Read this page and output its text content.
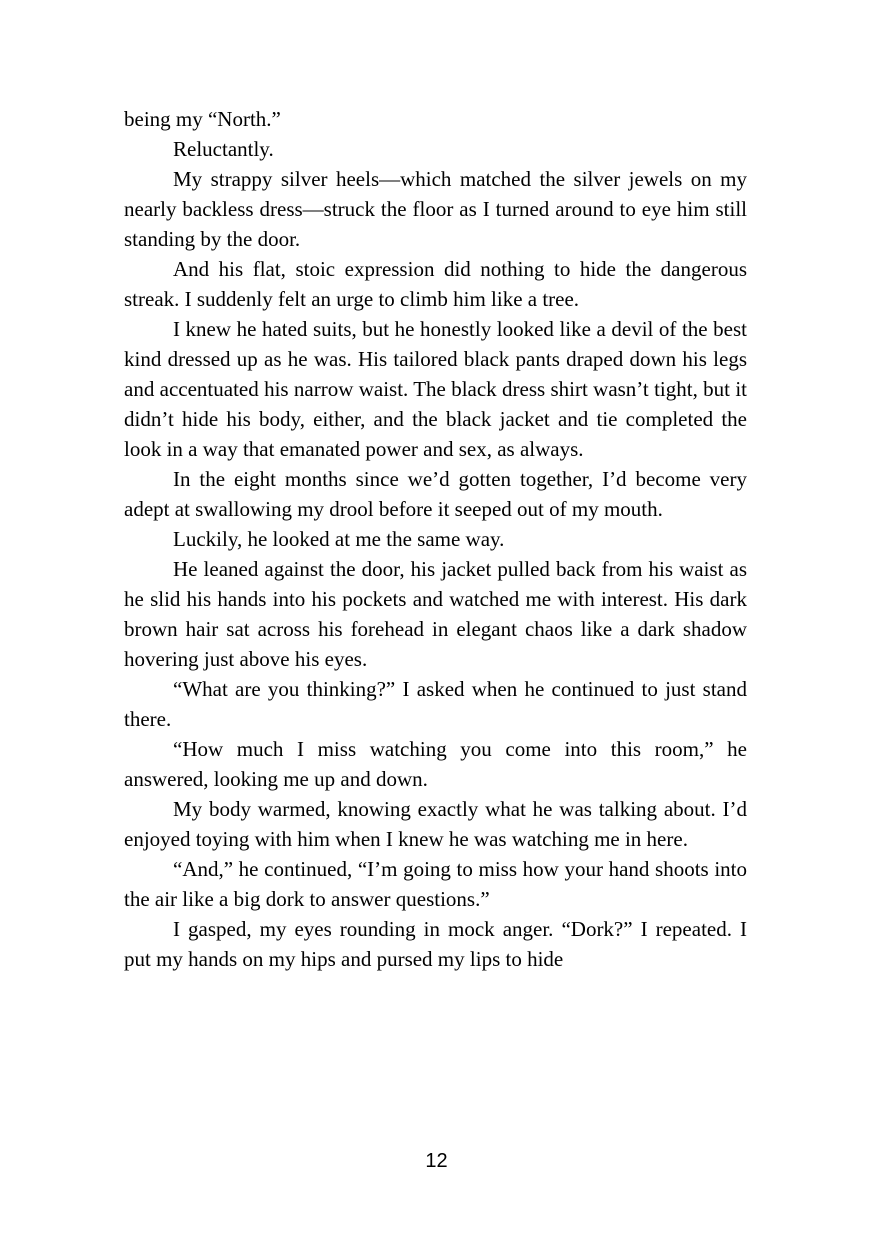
being my “North.”

Reluctantly.

My strappy silver heels—which matched the silver jewels on my nearly backless dress—struck the floor as I turned around to eye him still standing by the door.

And his flat, stoic expression did nothing to hide the dangerous streak. I suddenly felt an urge to climb him like a tree.

I knew he hated suits, but he honestly looked like a devil of the best kind dressed up as he was. His tailored black pants draped down his legs and accentuated his narrow waist. The black dress shirt wasn’t tight, but it didn’t hide his body, either, and the black jacket and tie completed the look in a way that emanated power and sex, as always.

In the eight months since we’d gotten together, I’d become very adept at swallowing my drool before it seeped out of my mouth.

Luckily, he looked at me the same way.

He leaned against the door, his jacket pulled back from his waist as he slid his hands into his pockets and watched me with interest. His dark brown hair sat across his forehead in elegant chaos like a dark shadow hovering just above his eyes.

“What are you thinking?” I asked when he continued to just stand there.

“How much I miss watching you come into this room,” he answered, looking me up and down.

My body warmed, knowing exactly what he was talking about. I’d enjoyed toying with him when I knew he was watching me in here.

“And,” he continued, “I’m going to miss how your hand shoots into the air like a big dork to answer questions.”

I gasped, my eyes rounding in mock anger. “Dork?” I repeated. I put my hands on my hips and pursed my lips to hide

12
